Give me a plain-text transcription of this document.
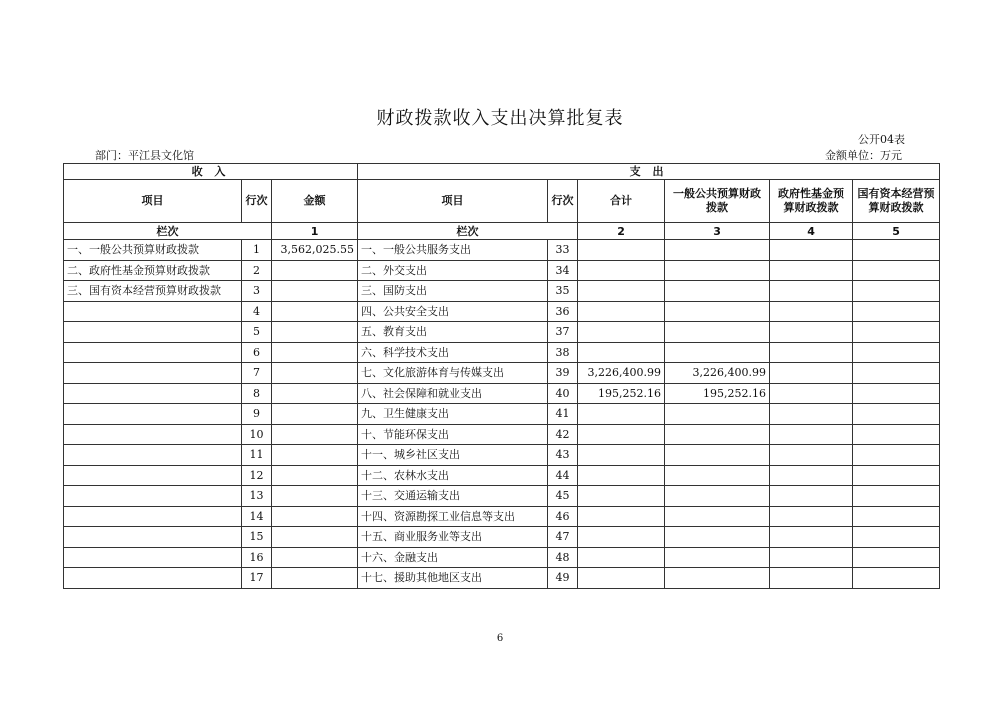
财政拨款收入支出决算批复表
公开04表
部门：平江县文化馆	金额单位：万元
收 入			支 出					
项目	行次	金额	项目	行次	合计	一般公共预算财政拨款	政府性基金预算财政拨款	国有资本经营预算财政拨款
栏次		1	栏次		2	3	4	5
一、一般公共预算财政拨款	1	3,562,025.55	一、一般公共服务支出	33				
二、政府性基金预算财政拨款	2		二、外交支出	34				
三、国有资本经营预算财政拨款	3		三、国防支出	35				
	4		四、公共安全支出	36				
	5		五、教育支出	37				
	6		六、科学技术支出	38				
	7		七、文化旅游体育与传媒支出	39	3,226,400.99	3,226,400.99		
	8		八、社会保障和就业支出	40	195,252.16	195,252.16		
	9		九、卫生健康支出	41				
	10		十、节能环保支出	42				
	11		十一、城乡社区支出	43				
	12		十二、农林水支出	44				
	13		十三、交通运输支出	45				
	14		十四、资源勘探工业信息等支出	46				
	15		十五、商业服务业等支出	47				
	16		十六、金融支出	48				
	17		十七、援助其他地区支出	49				
6
